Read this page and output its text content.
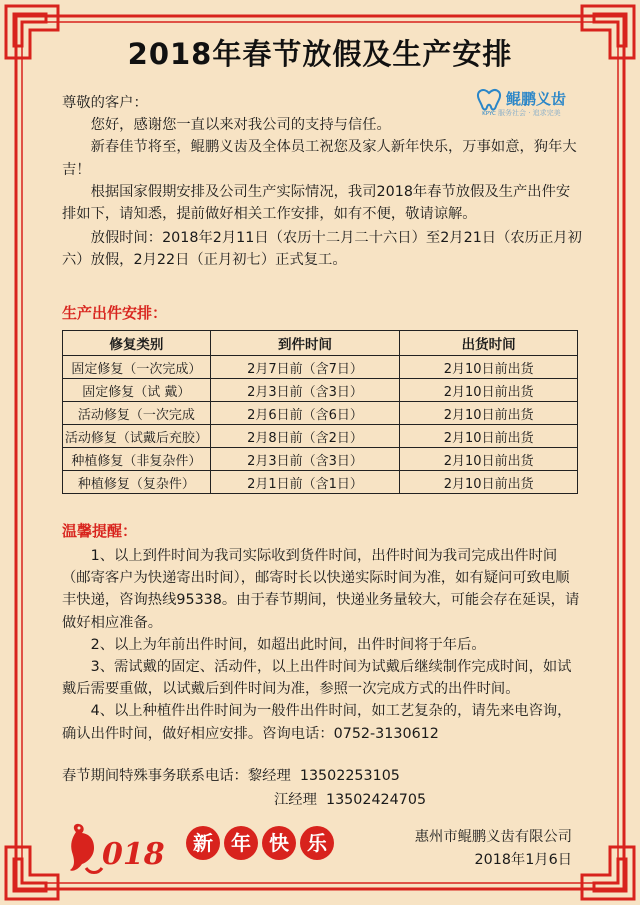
2018年春节放假及生产安排
KPYC
鲲鹏义齿
服务社会 · 追求完美

尊敬的客户：

您好，感谢您一直以来对我公司的支持与信任。

新春佳节将至，鲲鹏义齿及全体员工祝您及家人新年快乐，万事如意，狗年大吉！

根据国家假期安排及公司生产实际情况，我司2018年春节放假及生产出件安排如下，请知悉，提前做好相关工作安排，如有不便，敬请谅解。

放假时间：2018年2月11日（农历十二月二十六日）至2月21日（农历正月初六）放假，2月22日（正月初七）正式复工。

生产出件安排：
修复类别	到件时间	出货时间
固定修复（一次完成）	2月7日前（含7日）	2月10日前出货
固定修复（试 戴）	2月3日前（含3日）	2月10日前出货
活动修复（一次完成	2月6日前（含6日）	2月10日前出货
活动修复（试戴后充胶）	2月8日前（含2日）	2月10日前出货
种植修复（非复杂件）	2月3日前（含3日）	2月10日前出货
种植修复（复杂件）	2月1日前（含1日）	2月10日前出货
温馨提醒：

1、以上到件时间为我司实际收到货件时间，出件时间为我司完成出件时间（邮寄客户为快递寄出时间），邮寄时长以快递实际时间为准，如有疑问可致电顺丰快递，咨询热线95338。由于春节期间，快递业务量较大，可能会存在延误，请做好相应准备。

2、以上为年前出件时间，如超出此时间，出件时间将于年后。

3、需试戴的固定、活动件，以上出件时间为试戴后继续制作完成时间，如试戴后需要重做，以试戴后到件时间为准，参照一次完成方式的出件时间。

4、以上种植件出件时间为一般件出件时间，如工艺复杂的，请先来电咨询，确认出件时间，做好相应安排。咨询电话：0752-3130612

春节期间特殊事务联系电话：黎经理 13502253105
江经理 13502424705
018	新 年 快 乐	惠州市鲲鹏义齿有限公司
2018年1月6日
